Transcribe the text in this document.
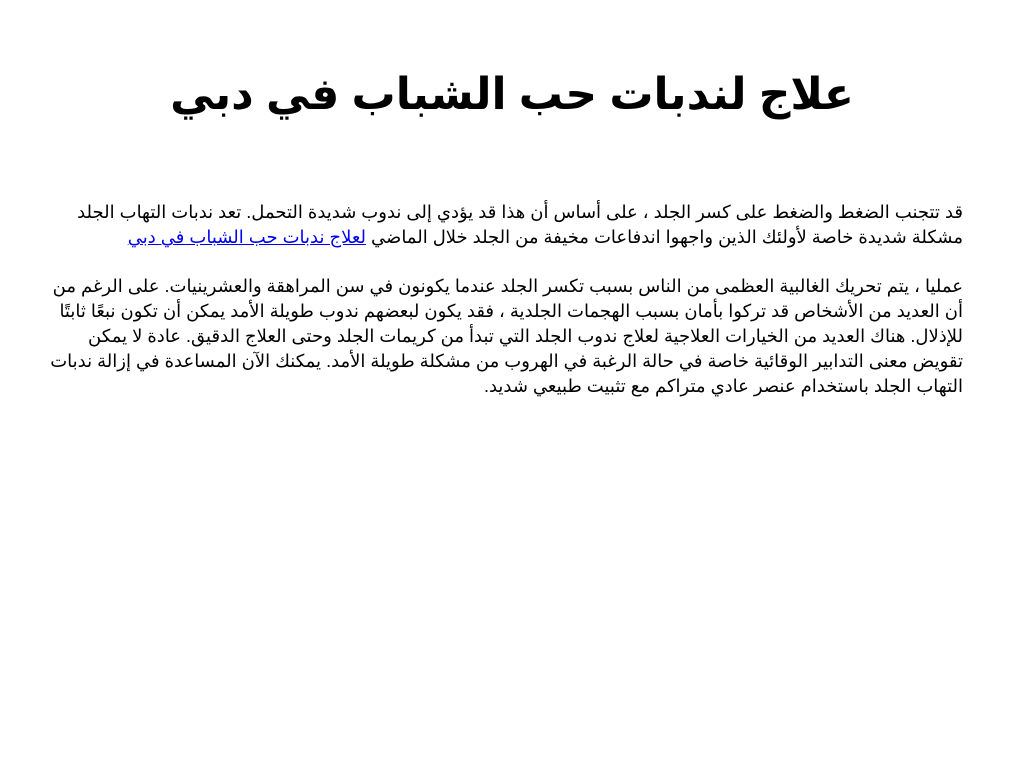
علاج لندبات حب الشباب في دبي

قد تتجنب الضغط والضغط على كسر الجلد ، على أساس أن هذا قد يؤدي إلى ندوب شديدة التحمل. تعد ندبات التهاب الجلد مشكلة شديدة خاصة لأولئك الذين واجهوا اندفاعات مخيفة من الجلد خلال الماضي لعلاج ندبات حب الشباب في دبي

عمليا ، يتم تحريك الغالبية العظمى من الناس بسبب تكسر الجلد عندما يكونون في سن المراهقة والعشرينيات. على الرغم من أن العديد من الأشخاص قد تركوا بأمان بسبب الهجمات الجلدية ، فقد يكون لبعضهم ندوب طويلة الأمد يمكن أن تكون نبعًا ثابتًا للإذلال. هناك العديد من الخيارات العلاجية لعلاج ندوب الجلد التي تبدأ من كريمات الجلد وحتى العلاج الدقيق. عادة لا يمكن تقويض معنى التدابير الوقائية خاصة في حالة الرغبة في الهروب من مشكلة طويلة الأمد. يمكنك الآن المساعدة في إزالة ندبات التهاب الجلد باستخدام عنصر عادي متراكم مع تثبيت طبيعي شديد.
